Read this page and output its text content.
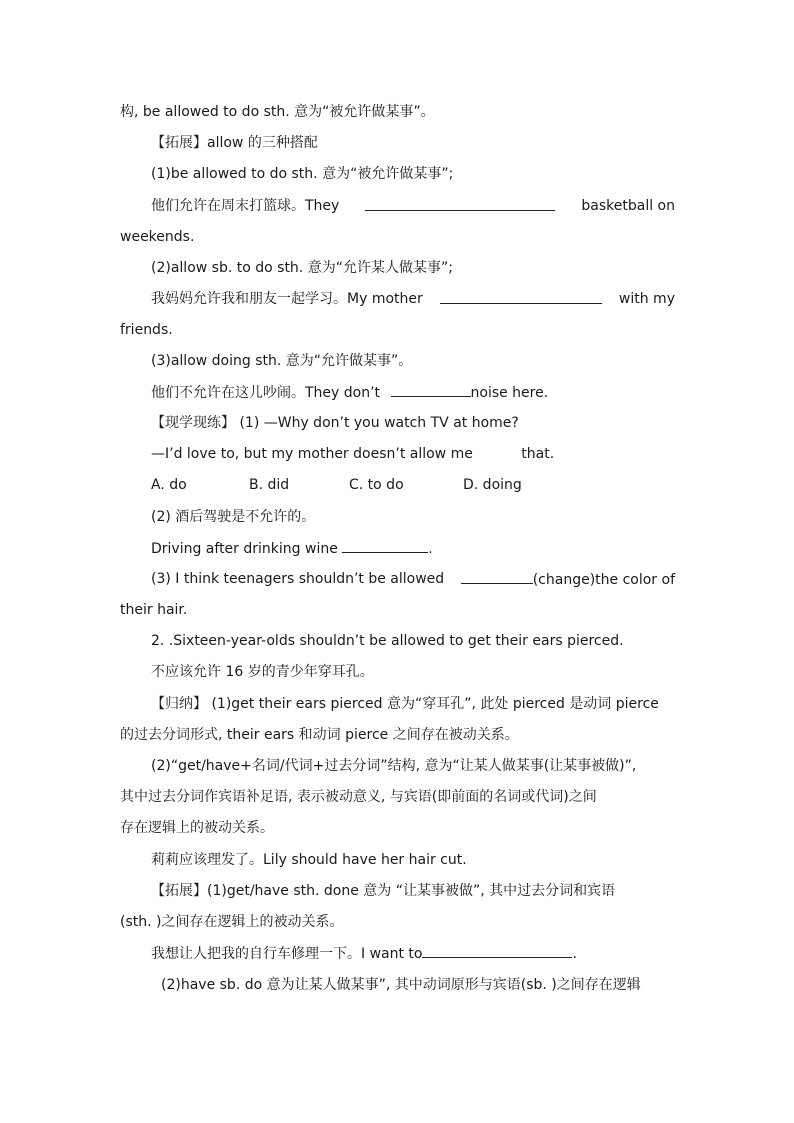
构, be allowed to do sth. 意为“被允许做某事”。
【拓展】allow 的三种搭配
(1)be allowed to do sth. 意为“被允许做某事”;
他们允许在周末打篮球。They	basketball on
weekends.
(2)allow sb. to do sth. 意为“允许某人做某事”;
我妈妈允许我和朋友一起学习。My mother	with my
friends.
(3)allow doing sth. 意为“允许做某事”。
他们不允许在这儿吵闹。They don’t	noise here.
【现学现练】 (1) —Why don’t you watch TV at home?
—I’d love to, but my mother doesn’t allow me	that.
A. do	B. did	C. to do	D. doing
(2) 酒后驾驶是不允许的。
Driving after drinking wine	.
(3) I think teenagers shouldn’t be allowed	(change)the color of
their hair.
2. .Sixteen-year-olds shouldn’t be allowed to get their ears pierced.
不应该允许 16 岁的青少年穿耳孔。
【归纳】 (1)get their ears pierced 意为“穿耳孔”, 此处 pierced 是动词 pierce
的过去分词形式, their ears 和动词 pierce 之间存在被动关系。
(2)“get/have+名词/代词+过去分词”结构, 意为“让某人做某事(让某事被做)”,
其中过去分词作宾语补足语, 表示被动意义, 与宾语(即前面的名词或代词)之间
存在逻辑上的被动关系。
莉莉应该理发了。Lily should have her hair cut.
【拓展】(1)get/have sth. done 意为 “让某事被做”, 其中过去分词和宾语
(sth. )之间存在逻辑上的被动关系。
我想让人把我的自行车修理一下。I want to	.
(2)have sb. do 意为让某人做某事”, 其中动词原形与宾语(sb. )之间存在逻辑
